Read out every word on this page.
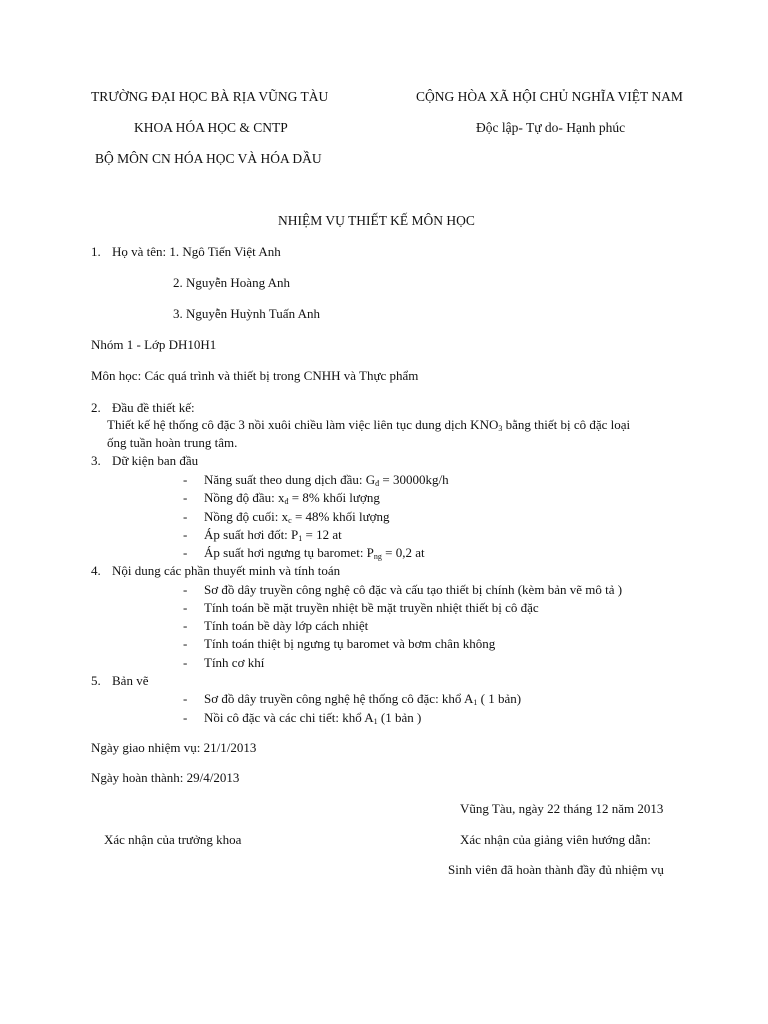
TRƯỜNG ĐẠI HỌC BÀ RỊA VŨNG TÀU
KHOA HÓA HỌC & CNTP
BỘ MÔN CN HÓA HỌC VÀ HÓA DẦU
CỘNG HÒA XÃ HỘI CHỦ NGHĨA VIỆT NAM
Độc lập- Tự do- Hạnh phúc
NHIỆM VỤ THIẾT KẾ MÔN HỌC
1. Họ và tên: 1. Ngô Tiến Việt Anh
2. Nguyễn Hoàng Anh
3. Nguyễn Huỳnh Tuấn Anh
Nhóm 1 - Lớp DH10H1
Môn học: Các quá trình và thiết bị trong CNHH và Thực phẩm
2. Đầu đề thiết kế:
Thiết kế hệ thống cô đặc 3 nồi xuôi chiều làm việc liên tục dung dịch $KNO_3$ bằng thiết bị cô đặc loại
ống tuần hoàn trung tâm.
3. Dữ kiện ban đầu
- Năng suất theo dung dịch đầu: $G_đ = 30000kg/h$
- Nồng độ đầu: $x_đ = 8\%$ khối lượng
- Nồng độ cuối: $x_c = 48\%$ khối lượng
- Áp suất hơi đốt: $P_1 = 12$ at
- Áp suất hơi ngưng tụ baromet: $P_{ng} = 0,2$ at
4. Nội dung các phần thuyết minh và tính toán
- Sơ đồ dây truyền công nghệ cô đặc và cấu tạo thiết bị chính (kèm bản vẽ mô tả )
- Tính toán bề mặt truyền nhiệt bề mặt truyền nhiệt thiết bị cô đặc
- Tính toán bề dày lớp cách nhiệt
- Tính toán thiệt bị ngưng tụ baromet và bơm chân không
- Tính cơ khí
5. Bản vẽ
- Sơ đồ dây truyền công nghệ hệ thống cô đặc: khổ $A_1$ ( 1 bản)
- Nồi cô đặc và các chi tiết: khổ $A_1$ (1 bản )
Ngày giao nhiệm vụ: 21/1/2013
Ngày hoàn thành: 29/4/2013
Vũng Tàu, ngày 22 tháng 12 năm 2013
Xác nhận của trưởng khoa	Xác nhận của giảng viên hướng dẫn:
Sinh viên đã hoàn thành đầy đủ nhiệm vụ
